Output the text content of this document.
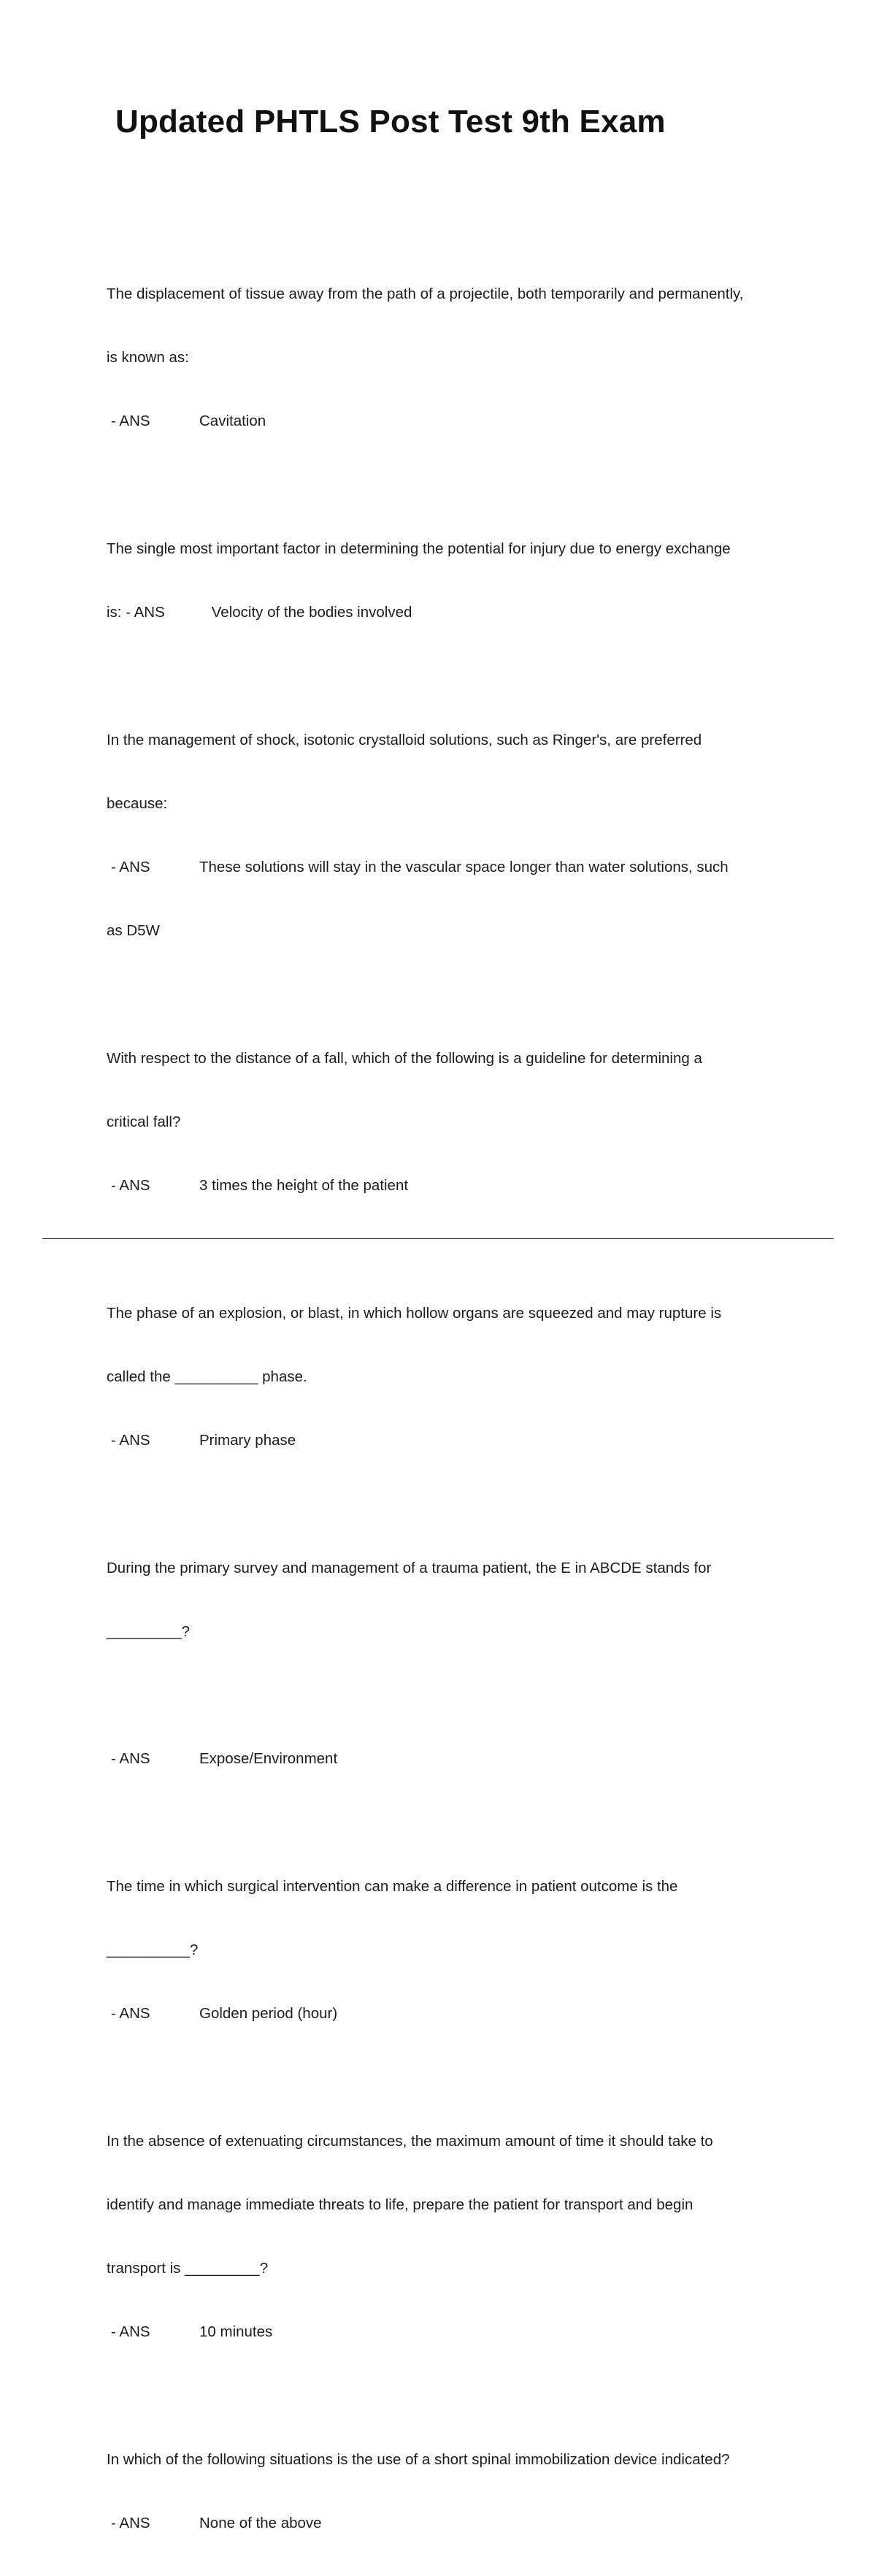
Updated PHTLS Post Test 9th Exam

The displacement of tissue away from the path of a projectile, both temporarily and permanently,

is known as:

- ANS	Cavitation

The single most important factor in determining the potential for injury due to energy exchange

is: - ANS	Velocity of the bodies involved

In the management of shock, isotonic crystalloid solutions, such as Ringer's, are preferred

because:

- ANS	These solutions will stay in the vascular space longer than water solutions, such

as D5W

With respect to the distance of a fall, which of the following is a guideline for determining a

critical fall?

- ANS	3 times the height of the patient

The phase of an explosion, or blast, in which hollow organs are squeezed and may rupture is

called the __________ phase.

- ANS	Primary phase

During the primary survey and management of a trauma patient, the E in ABCDE stands for

_________?

- ANS	Expose/Environment

The time in which surgical intervention can make a difference in patient outcome is the

__________?

- ANS	Golden period (hour)

In the absence of extenuating circumstances, the maximum amount of time it should take to

identify and manage immediate threats to life, prepare the patient for transport and begin

transport is _________?

- ANS	10 minutes

In which of the following situations is the use of a short spinal immobilization device indicated?

- ANS	None of the above
